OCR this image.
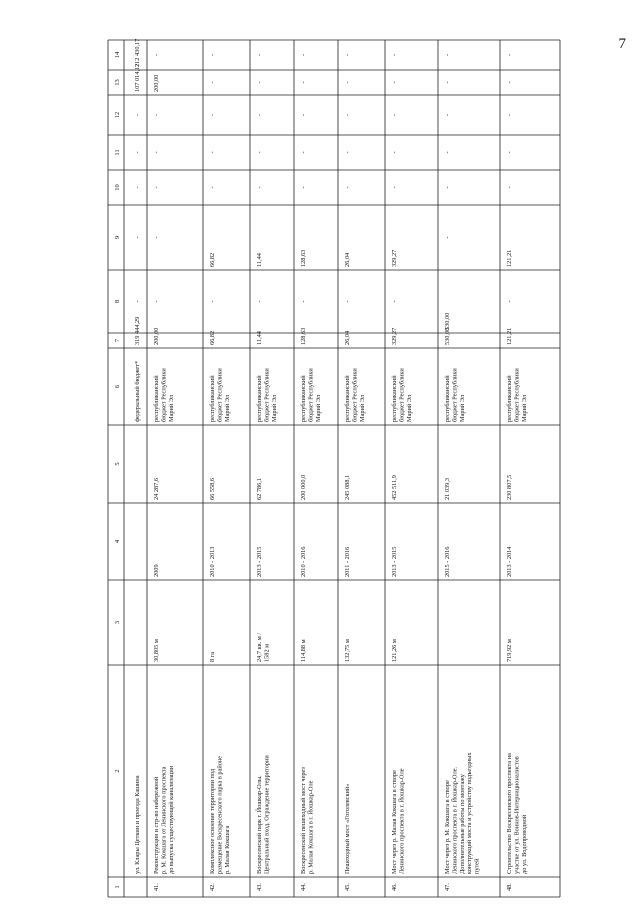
7
1
2
3
4
5
6
7
8
9
10
11
12
13
14
ул. Клары Цеткин и проезда Кашина
федеральный бюджет*
319 444,29
-
-
-
-
-
107 014,12
212 430,17
41.
Реконструкция и стр-во набережнойр. М. Кокшага от Ленинского проспектадо выпуска существующей канализации
30,805 м
2009
24 287,6
республиканскийбюджет РеспубликиМарий Эл
200,00
-
-
-
-
-
200,00
-
42.
Комплексное освоение территории подразмещение Воскресенского парка в районер. Малая Кокшага
8 га
2010 - 2013
66 558,6
республиканскийбюджет РеспубликиМарий Эл
66,82
-
66,82
-
-
-
-
-
43.
Воскресенский парк г. Йошкар-Олы.Центральный вход. Ограждение территории
24,7 кв. м /1582 м
2013 - 2015
62 786,1
республиканскийбюджет РеспубликиМарий Эл
11,44
-
11,44
-
-
-
-
-
44.
Воскресенский пешеходный мост черезр. Малая Кокшага в г. Йошкар-Оле
114,88 м
2010 - 2016
200 000,0
республиканскийбюджет РеспубликиМарий Эл
128,63
-
128,63
-
-
-
-
-
45.
Пешеходный мост «Гоголевский»
132,75 м
2011 - 2016
245 088,1
республиканскийбюджет РеспубликиМарий Эл
26,04
-
26,04
-
-
-
-
-
46.
Мост через р. Малая Кокшага в створеЛенинского проспекта в г. Йошкар-Оле
121,26 м
2013 - 2015
452 511,9
республиканскийбюджет РеспубликиМарий Эл
329,27
-
329,27
-
-
-
-
-
47.
Мост через р. М. Кокшага в створеЛенинского проспекта в г. Йошкар-Оле.Дополнительные работы по монтажуконструкций моста и устройству подъездныхпутей
2015 - 2016
21 039,3
республиканскийбюджет РеспубликиМарий Эл
530,00
530,00
-
-
-
-
-
-
48.
Строительство Воскресенского проспекта научастке от ул. Воинов-Интернационалистовдо ул. Водопроводной
719,92 м
2013 - 2014
230 807,5
республиканскийбюджет РеспубликиМарий Эл
121,21
-
121,21
-
-
-
-
-
